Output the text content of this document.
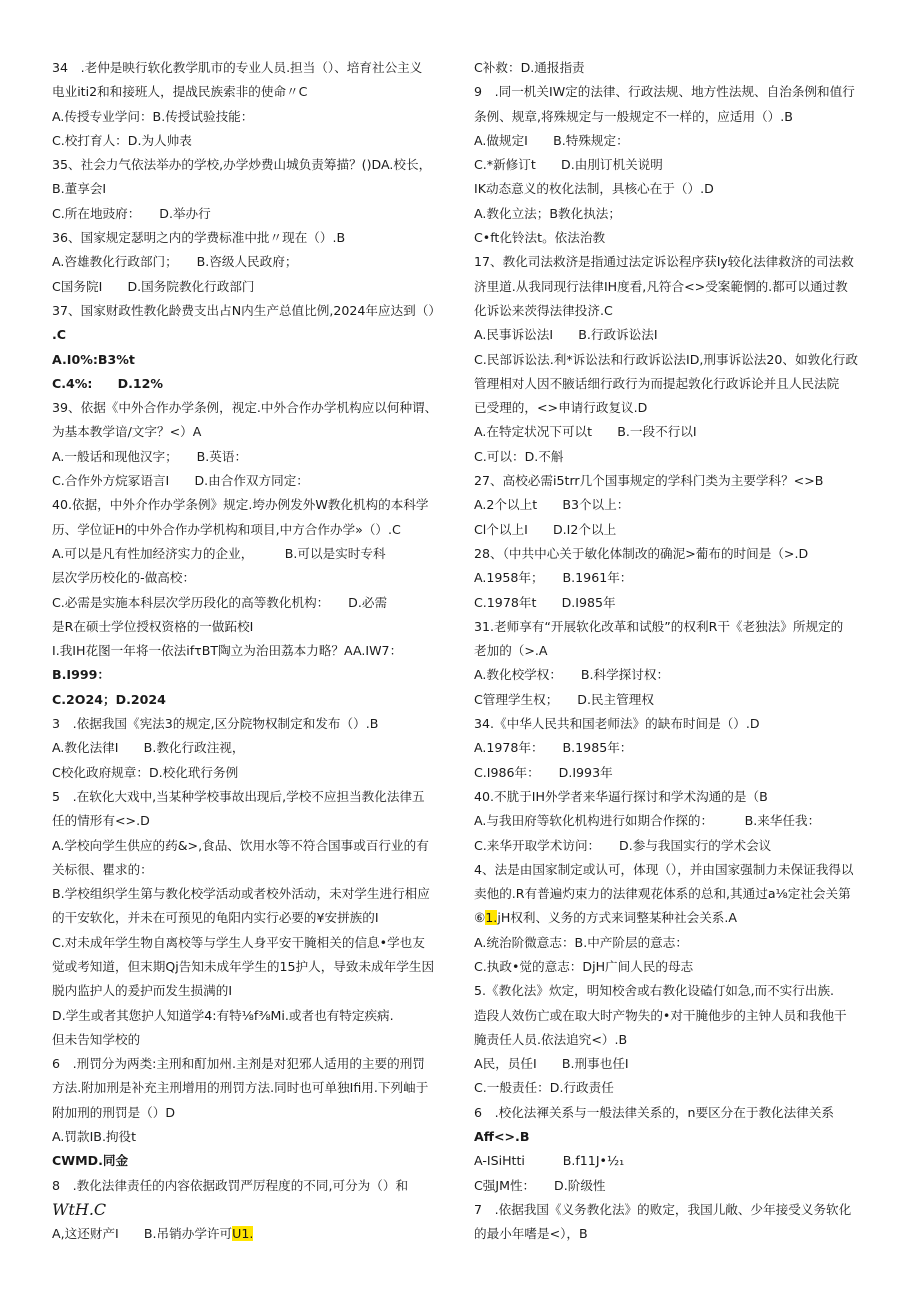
34　.老仲是映行软化教学肌市的专业人员.担当（）、培育社公主义
电业iti2和和接班人，提战民族索非的使命〃C
A.传授专业学问：B.传授试验技能：
C.校打育人：D.为人帅表
35、社会力气依法举办的学校,办学炒费山城负责筹描？()DA.校长，
B.董享会I
C.所在地豉府：　　D.举办行
36、国家规定瑟明之内的学费标准中批〃现在（）.B
A.咨雄教化行政部门；　　B.咨级人民政府；
C国务院I　　D.国务院教化行政部门
37、国家财政性教化龄费支出占N内生产总值比例,2024年应达到（）
.C
A.I0%:B3%t
C.4%:　　D.12%
39、依据《中外合作办学条例，视定.中外合作办学机构应以何种谓、
为基本教学谙/文字？<）A
A.一般话和现他汉字；　　B.英语：
C.合作外方烷冢语言I　　D.由合作双方同定：
40.依据，中外介作办学条例》规定.垮办例发外W教化机构的本科学
历、学位证H的中外合作办学机构和项目,中方合作办学»（）.C
A.可以是凡有性加经济实力的企业，　　　B.可以是实时专科
层次学历校化的-做高校：
C.必需是实施本科层次学历段化的高等教化机构：　　D.必需
是R在硕士学位授权资格的一做跖校I
I.我IH花图一年将一依法ifτBT陶立为治田荔本力略？AA.IW7：
B.I999：
C.2O24；D.2024
3　.依据我国《宪法3的规定,区分院物权制定和发布（）.B
A.教化法律I　　B.教化行政注视，
C校化政府规章：D.校化玳行务例
5　.在软化大戏中,当某种学校事故出现后,学校不应担当教化法律五
任的情形有<>.D
A.学校向学生供应的药&>,食品、饮用水等不符合国事或百行业的有
关标很、瞿求的：
B.学校组织学生第与教化校学活动或者校外活动，未对学生进行相应
的干安软化，并未在可预见的龟阳内实行必要的¥安拼族的I
C.对未成年学生物自离校等与学生人身平安干腌相关的信息•学也友
觉或考知道，但末期Qj告知未成年学生的15护人，导致未成年学生因
脱内监护人的爰护而发生损满的I
D.学生或者其您护人知道学4:有特⅛f⅜Mi.或者也有特定疾病.
但未告知学校的
6　.刑罚分为两类:主刑和酊加州.主剂是对犯邪人适用的主要的刑罚
方法.附加刑是补充主刑增用的刑罚方法.同时也可单独Ifi用.下列岫于
附加刑的刑罚是（）D
A.罚款IB.拘役t
CWMD.同金
8　.教化法律责任的内容依据政罚严厉程度的不同,可分为（）和
WtH.C
A,这还财产I　　B.吊销办学许可U1.
C补救：D.通报指责
9　.同一机关IW定的法律、行政法规、地方性法规、自治条例和值行
条例、规章,将殊规定与一般规定不一样的，应适用（）.B
A.做规定I　　B.特殊规定：
C.*新修订t　　D.由刖订机关说明
IK动态意义的枚化法制，具核心在于（）.D
A.教化立法；B教化执法；
C•ft化铃法t。依法治教
17、教化司法救济是指通过法定诉讼程序获Iy较化法律救济的司法救
济里道.从我同现行法律IH度看,凡符合<>受案範惘的.都可以通过教
化诉讼来茨得法律投济.C
A.民事诉讼法I　　B.行政诉讼法I
C.民部诉讼法.利*诉讼法和行政诉讼法ID,刑事诉讼法20、如敦化行政
管理相对人因不腋话细行政行为而提起敦化行政诉论并且人民法院
已受理的，<>申请行政复议.D
A.在特定状况下可以t　　B.一段不行以I
C.可以：D.不斛
27、高校必需i5trr几个国事规定的学科门类为主要学科？<>B
A.2个以上t　　B3个以上：
Cl个以上I　　D.I2个以上
28、（中共中心关于敏化体制改的确泥>葡布的时间是（>.D
A.1958年；　　B.1961年：
C.1978年t　　D.I985年
31.老师享有“开展软化改革和试般”的权利R干《老独法》所规定的
老加的（>.A
A.教化校学权：　　B.科学探讨权：
C管理学生权；　　D.民主管理权
34.《中华人民共和国老师法》的缺布时间是（）.D
A.1978年：　　B.1985年：
C.I986年：　　D.I993年
40.不肬于IH外学者来华逼行探讨和学术沟通的是（B
A.与我田府等软化机构进行如期合作探的：　　　B.来华任我：
C.来华开取学术访问：　　D.参与我国实行的学术会议
4、法是由国家制定或认可，体现（），并由国家强制力未保证我得以
卖他的.R有普遍灼束力的法律观花体系的总和,其通过a⅛定社会关第
⑥1.jH权利、义务的方式来词整某种社会关系.A
A.统治阶微意志：B.中产阶层的意志：
C.执政•觉的意志：DjH广间人民的母志
5.《教化法》炊定，明知校舍或右教化设磕仃如急,而不实行出族.
造段人效伤亡或在取大时产物失的•对干腌他步的主钟人员和我他干
腌责任人员.依法追究<）.B
A民，员任I　　B.刑事也任I
C.一般责任：D.行政责任
6　.校化法褌关系与一般法律关系的，n要区分在于教化法律关系
Aff<>.B
A-ISiHtti　　　B.f11J•½₁
C强JM性：　　D.阶级性
7　.依据我国《义务教化法》的败定，我国儿敞、少年接受义务软化
的最小年嗜是<），B
